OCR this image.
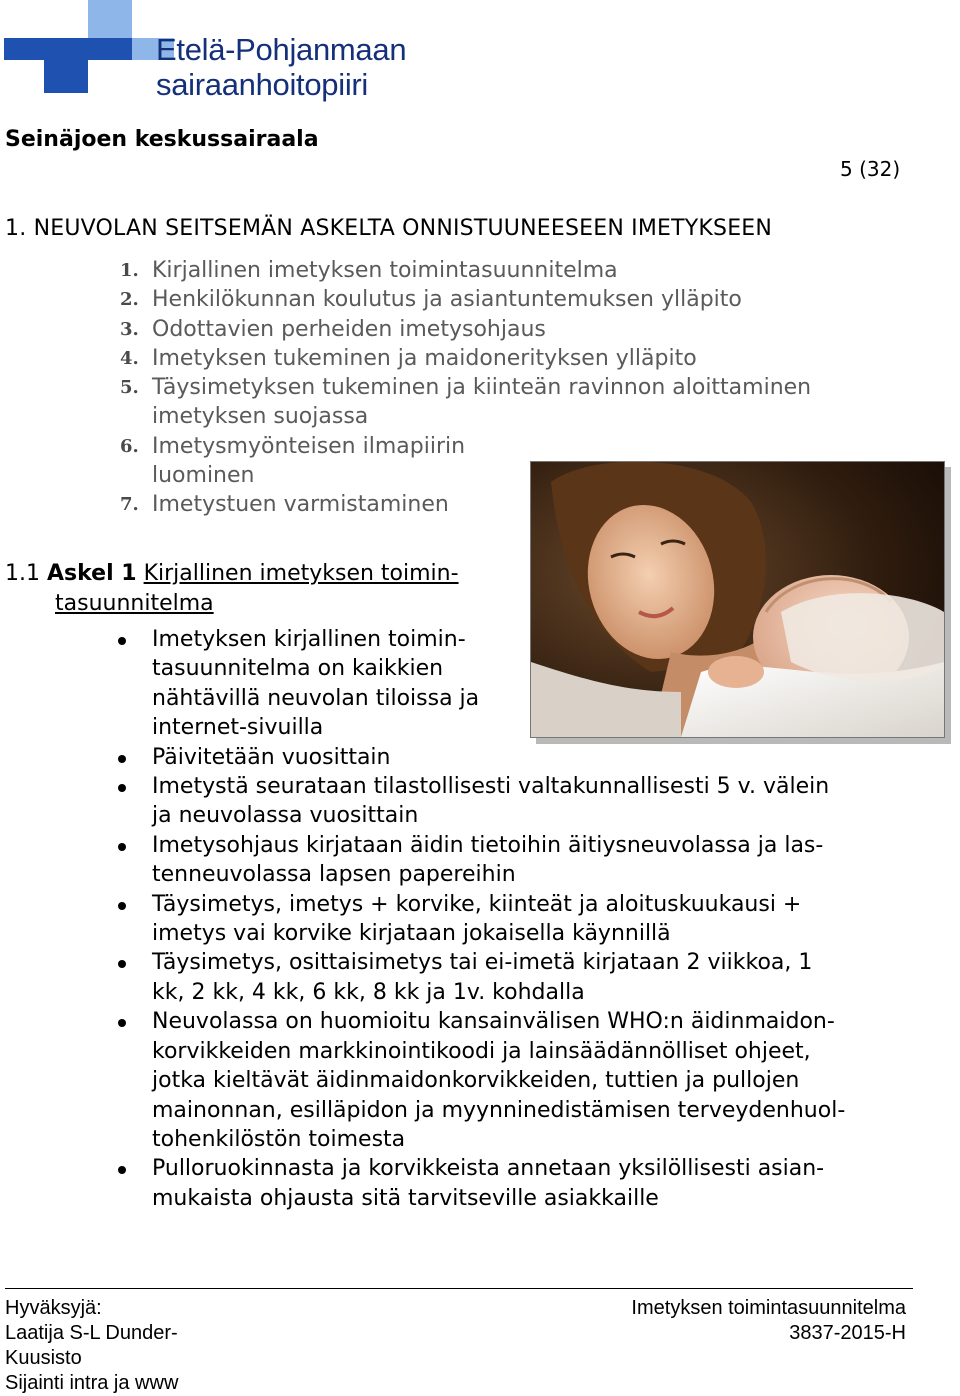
Etelä-Pohjanmaan
sairaanhoitopiiri
Seinäjoen keskussairaala
5 (32)
1. NEUVOLAN SEITSEMÄN ASKELTA ONNISTUUNEESEEN IMETYKSEEN
1. Kirjallinen imetyksen toimintasuunnitelma
2. Henkilökunnan koulutus ja asiantuntemuksen ylläpito
3. Odottavien perheiden imetysohjaus
4. Imetyksen tukeminen ja maidonerityksen ylläpito
5. Täysimetyksen tukeminen ja kiinteän ravinnon aloittaminen
imetyksen suojassa
6. Imetysmyönteisen ilmapiirin
luominen
7. Imetystuen varmistaminen
1.1 Askel 1 Kirjallinen imetyksen toimin-
tasuunnitelma
Imetyksen kirjallinen toimin-
tasuunnitelma on kaikkien
nähtävillä neuvolan tiloissa ja
internet-sivuilla
Päivitetään vuosittain
Imetystä seurataan tilastollisesti valtakunnallisesti 5 v. välein
ja neuvolassa vuosittain
Imetysohjaus kirjataan äidin tietoihin äitiysneuvolassa ja las-
tenneuvolassa lapsen papereihin
Täysimetys, imetys + korvike, kiinteät ja aloituskuukausi +
imetys vai korvike kirjataan jokaisella käynnillä
Täysimetys, osittaisimetys tai ei-imetä kirjataan 2 viikkoa, 1
kk, 2 kk, 4 kk, 6 kk, 8 kk ja 1v. kohdalla
Neuvolassa on huomioitu kansainvälisen WHO:n äidinmaidon-
korvikkeiden markkinointikoodi ja lainsäädännölliset ohjeet,
jotka kieltävät äidinmaidonkorvikkeiden, tuttien ja pullojen
mainonnan, esilläpidon ja myynninedistämisen terveydenhuol-
tohenkilöstön toimesta
Pulloruokinnasta ja korvikkeista annetaan yksilöllisesti asian-
mukaista ohjausta sitä tarvitseville asiakkaille
Hyväksyjä:
Laatija S-L Dunder-
Kuusisto
Sijainti intra ja www
Imetyksen toimintasuunnitelma
3837-2015-H
